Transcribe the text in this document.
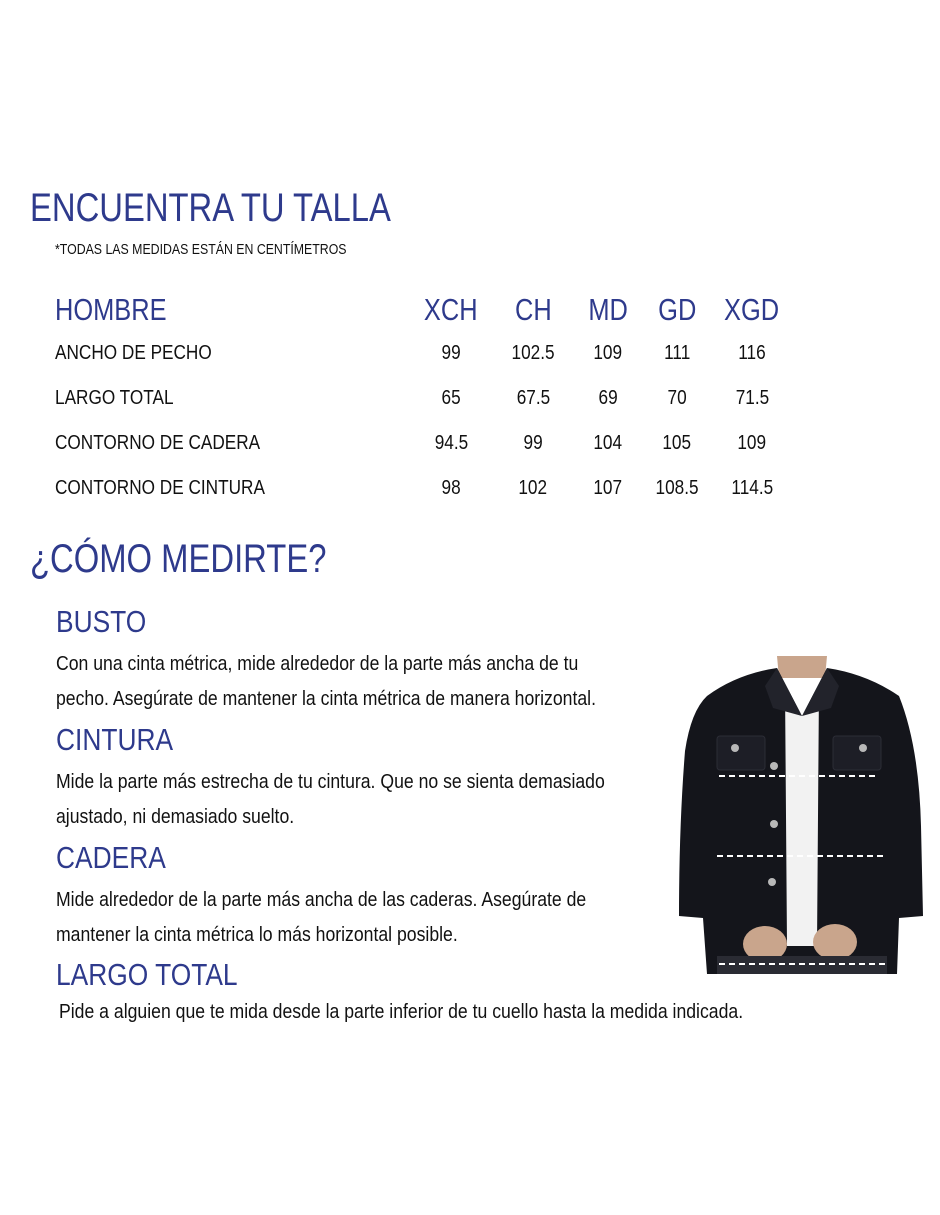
ENCUENTRA TU TALLA
*TODAS LAS MEDIDAS ESTÁN EN CENTÍMETROS
HOMBRE	XCH	CH	MD GD XGD
ANCHO DE PECHO	99	102.5	109	111	116
LARGO TOTAL	65	67.5	69	70	71.5
CONTORNO DE CADERA	94.5	99	104	105	109
CONTORNO DE CINTURA	98	102	107	108.5	114.5
¿CÓMO MEDIRTE?
BUSTO
Con una cinta métrica, mide alrededor de la parte más ancha de tu
pecho. Asegúrate de mantener la cinta métrica de manera horizontal.
CINTURA
Mide la parte más estrecha de tu cintura. Que no se sienta demasiado
ajustado, ni demasiado suelto.
CADERA
Mide alrededor de la parte más ancha de las caderas. Asegúrate de
mantener la cinta métrica lo más horizontal posible.
LARGO TOTAL
Pide a alguien que te mida desde la parte inferior de tu cuello hasta la medida indicada.
